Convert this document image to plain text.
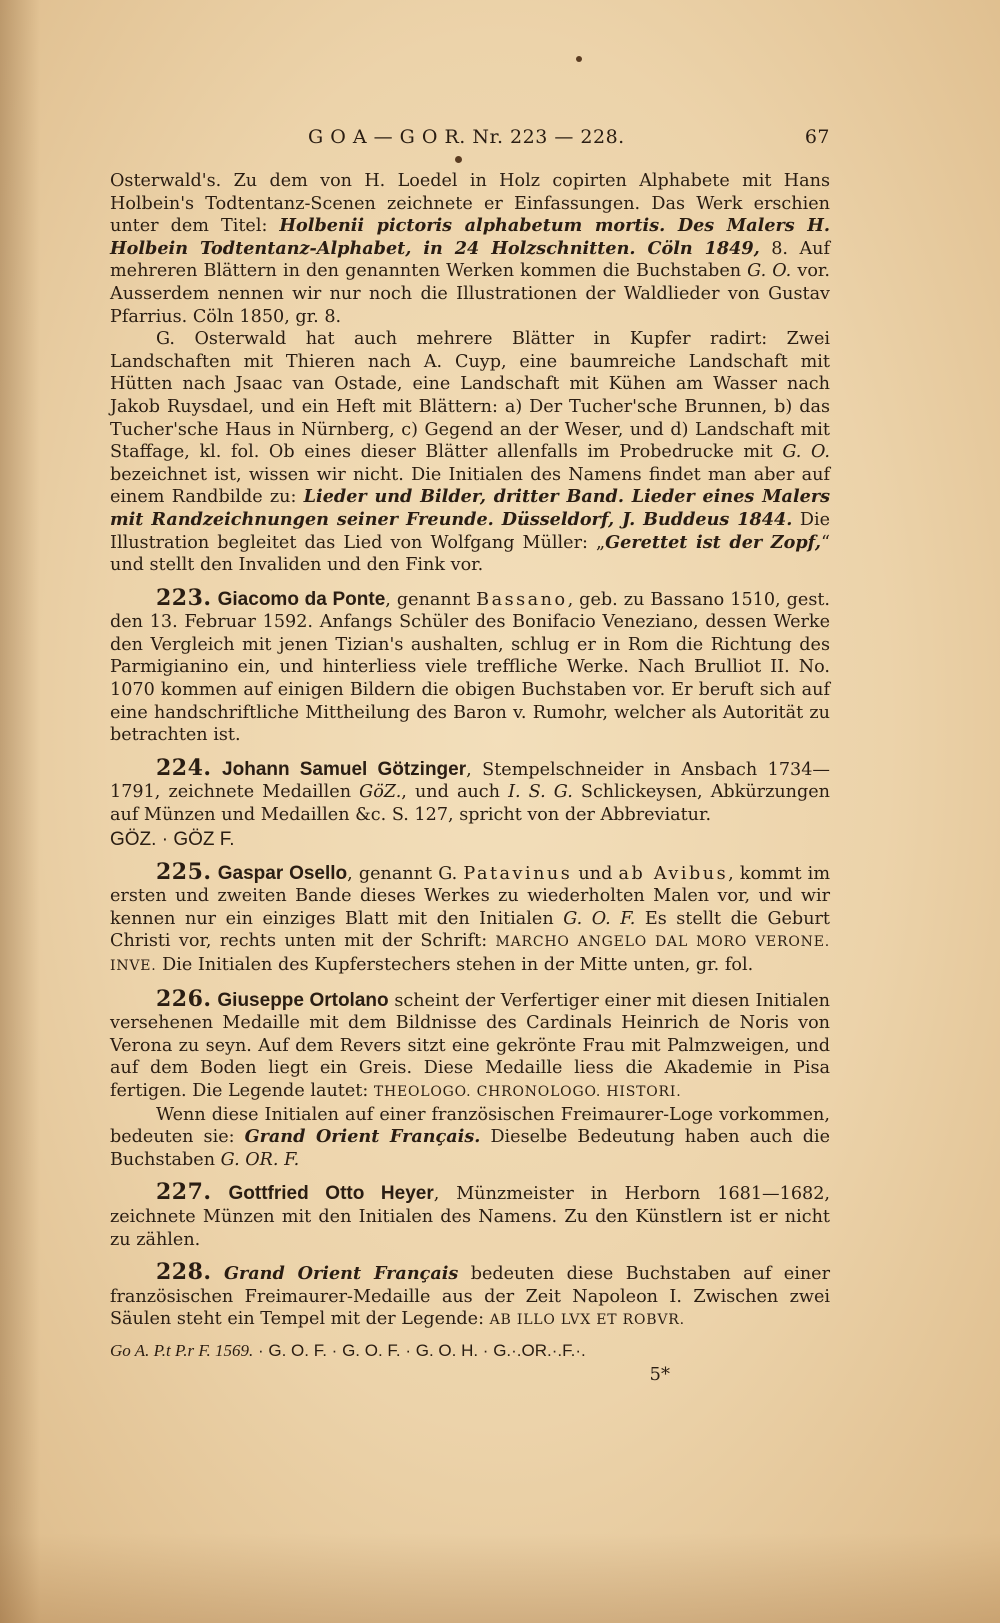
G O A — G O R. Nr. 223 — 228.	67

Osterwald's. Zu dem von H. Loedel in Holz copirten Alphabete mit Hans Holbein's Todtentanz-Scenen zeichnete er Einfassungen. Das Werk erschien unter dem Titel: Holbenii pictoris alphabetum mortis. Des Malers H. Holbein Todtentanz-Alphabet, in 24 Holzschnitten. Cöln 1849, 8. Auf mehreren Blättern in den genannten Werken kommen die Buchstaben G. O. vor. Ausserdem nennen wir nur noch die Illustrationen der Waldlieder von Gustav Pfarrius. Cöln 1850, gr. 8.

G. Osterwald hat auch mehrere Blätter in Kupfer radirt: Zwei Landschaften mit Thieren nach A. Cuyp, eine baumreiche Landschaft mit Hütten nach Jsaac van Ostade, eine Landschaft mit Kühen am Wasser nach Jakob Ruysdael, und ein Heft mit Blättern: a) Der Tucher'sche Brunnen, b) das Tucher'sche Haus in Nürnberg, c) Gegend an der Weser, und d) Landschaft mit Staffage, kl. fol. Ob eines dieser Blätter allenfalls im Probedrucke mit G. O. bezeichnet ist, wissen wir nicht. Die Initialen des Namens findet man aber auf einem Randbilde zu: Lieder und Bilder, dritter Band. Lieder eines Malers mit Randzeichnungen seiner Freunde. Düsseldorf, J. Buddeus 1844. Die Illustration begleitet das Lied von Wolfgang Müller: „Gerettet ist der Zopf,“ und stellt den Invaliden und den Fink vor.

223. Giacomo da Ponte, genannt Bassano, geb. zu Bassano 1510, gest. den 13. Februar 1592. Anfangs Schüler des Bonifacio Veneziano, dessen Werke den Vergleich mit jenen Tizian's aushalten, schlug er in Rom die Richtung des Parmigianino ein, und hinterliess viele treffliche Werke. Nach Brulliot II. No. 1070 kommen auf einigen Bildern die obigen Buchstaben vor. Er beruft sich auf eine handschriftliche Mittheilung des Baron v. Rumohr, welcher als Autorität zu betrachten ist.

224. Johann Samuel Götzinger, Stempelschneider in Ansbach 1734—1791, zeichnete Medaillen GöZ., und auch I. S. G. Schlickeysen, Abkürzungen auf Münzen und Medaillen &c. S. 127, spricht von der Abbreviatur.

GÖZ. · GÖZ F.

225. Gaspar Osello, genannt G. Patavinus und ab Avibus, kommt im ersten und zweiten Bande dieses Werkes zu wiederholten Malen vor, und wir kennen nur ein einziges Blatt mit den Initialen G. O. F. Es stellt die Geburt Christi vor, rechts unten mit der Schrift: MARCHO ANGELO DAL MORO VERONE. INVE. Die Initialen des Kupferstechers stehen in der Mitte unten, gr. fol.

226. Giuseppe Ortolano scheint der Verfertiger einer mit diesen Initialen versehenen Medaille mit dem Bildnisse des Cardinals Heinrich de Noris von Verona zu seyn. Auf dem Revers sitzt eine gekrönte Frau mit Palmzweigen, und auf dem Boden liegt ein Greis. Diese Medaille liess die Akademie in Pisa fertigen. Die Legende lautet: THEOLOGO. CHRONOLOGO. HISTORI.

Wenn diese Initialen auf einer französischen Freimaurer-Loge vorkommen, bedeuten sie: Grand Orient Français. Dieselbe Bedeutung haben auch die Buchstaben G. OR. F.

227. Gottfried Otto Heyer, Münzmeister in Herborn 1681—1682, zeichnete Münzen mit den Initialen des Namens. Zu den Künstlern ist er nicht zu zählen.

228. Grand Orient Français bedeuten diese Buchstaben auf einer französischen Freimaurer-Medaille aus der Zeit Napoleon I. Zwischen zwei Säulen steht ein Tempel mit der Legende: AB ILLO LVX ET ROBVR.

Go A. P.t P.r F. 1569. · G. O. F. · G. O. F. · G. O. H. · G.·.OR.·.F.·.
5*
